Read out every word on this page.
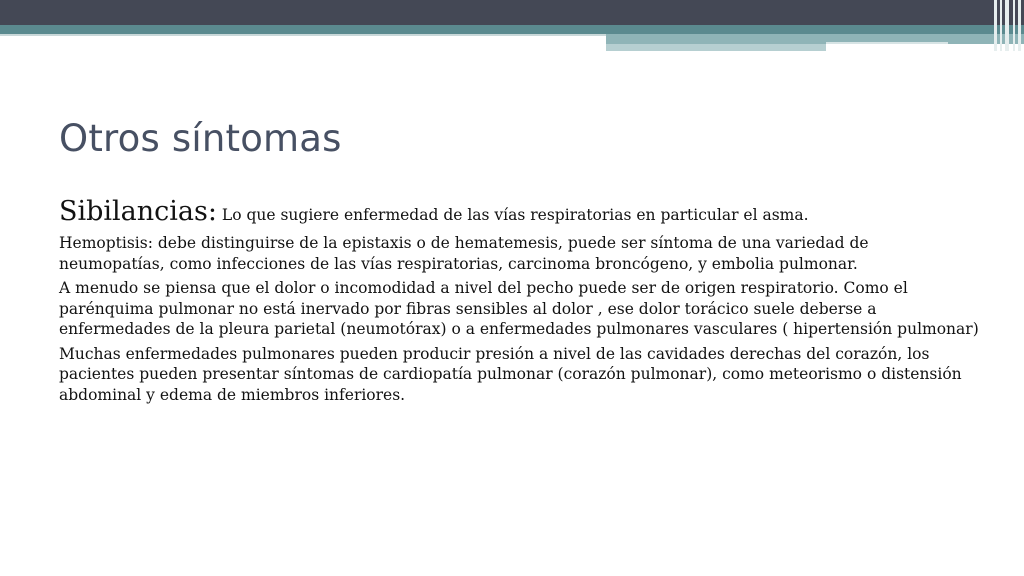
Otros síntomas

Sibilancias: Lo que sugiere enfermedad de las vías respiratorias en particular el asma.

Hemoptisis: debe distinguirse de la epistaxis o de hematemesis, puede ser síntoma de una variedad de neumopatías, como infecciones de las vías respiratorias, carcinoma broncógeno, y embolia pulmonar.

A menudo se piensa que el dolor o incomodidad a nivel del pecho puede ser de origen respiratorio. Como el parénquima pulmonar no está inervado por fibras sensibles al dolor , ese dolor torácico suele deberse a enfermedades de la pleura parietal (neumotórax) o a enfermedades pulmonares vasculares ( hipertensión pulmonar)

Muchas enfermedades pulmonares pueden producir presión a nivel de las cavidades derechas del corazón, los pacientes pueden presentar síntomas de cardiopatía pulmonar (corazón pulmonar), como meteorismo o distensión abdominal y edema de miembros inferiores.
